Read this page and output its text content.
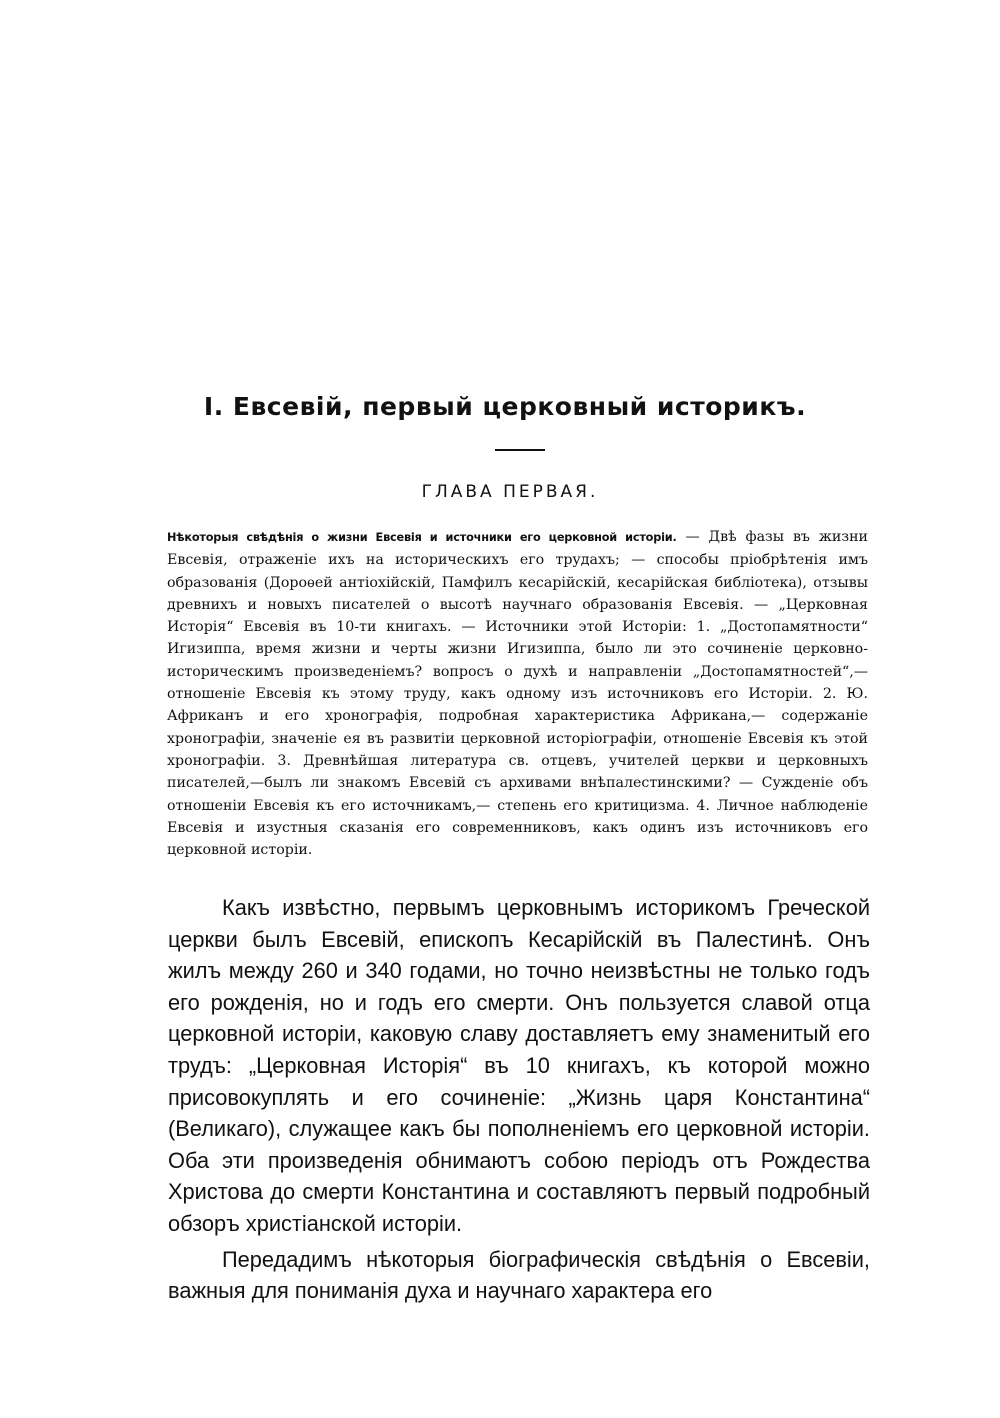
I. Евсевій, первый церковный историкъ.
ГЛАВА ПЕРВАЯ.
Нѣкоторыя свѣдѣнія о жизни Евсевія и источники его церковной исторіи. — Двѣ фазы въ жизни Евсевія, отраженіе ихъ на историческихъ его трудахъ; — способы пріобрѣтенія имъ образованія (Дороѳей антіохійскій, Памфилъ кесарійскій, кесарійская библіотека), отзывы древнихъ и новыхъ писателей о высотѣ научнаго образованія Евсевія. — „Церковная Исторія“ Евсевія въ 10-ти книгахъ. — Источники этой Исторіи: 1. „Достопамятности“ Игизиппа, время жизни и черты жизни Игизиппа, было ли это сочиненіе церковно-историческимъ произведеніемъ? вопросъ о духѣ и направленіи „Достопамятностей“,— отношеніе Евсевія къ этому труду, какъ одному изъ источниковъ его Исторіи. 2. Ю. Африканъ и его хронографія, подробная характеристика Африкана,— содержаніе хронографіи, значеніе ея въ развитіи церковной исторіографіи, отношеніе Евсевія къ этой хронографіи. 3. Древнѣйшая литература св. отцевъ, учителей церкви и церковныхъ писателей,—былъ ли знакомъ Евсевій съ архивами внѣпалестинскими? — Сужденіе объ отношеніи Евсевія къ его источникамъ,— степень его критицизма. 4. Личное наблюденіе Евсевія и изустныя сказанія его современниковъ, какъ одинъ изъ источниковъ его церковной исторіи.

Какъ извѣстно, первымъ церковнымъ историкомъ Греческой церкви былъ Евсевій, епископъ Кесарійскій въ Палестинѣ. Онъ жилъ между 260 и 340 годами, но точно неизвѣстны не только годъ его рожденія, но и годъ его смерти. Онъ пользуется славой отца церковной исторіи, каковую славу доставляетъ ему знаменитый его трудъ: „Церковная Исторія“ въ 10 книгахъ, къ которой можно присовокуплять и его сочиненіе: „Жизнь царя Константина“ (Великаго), служащее какъ бы пополненіемъ его церковной исторіи. Оба эти произведенія обнимаютъ собою періодъ отъ Рождества Христова до смерти Константина и составляютъ первый подробный обзоръ христіанской исторіи.

Передадимъ нѣкоторыя біографическія свѣдѣнія о Евсевіи, важныя для пониманія духа и научнаго характера его
